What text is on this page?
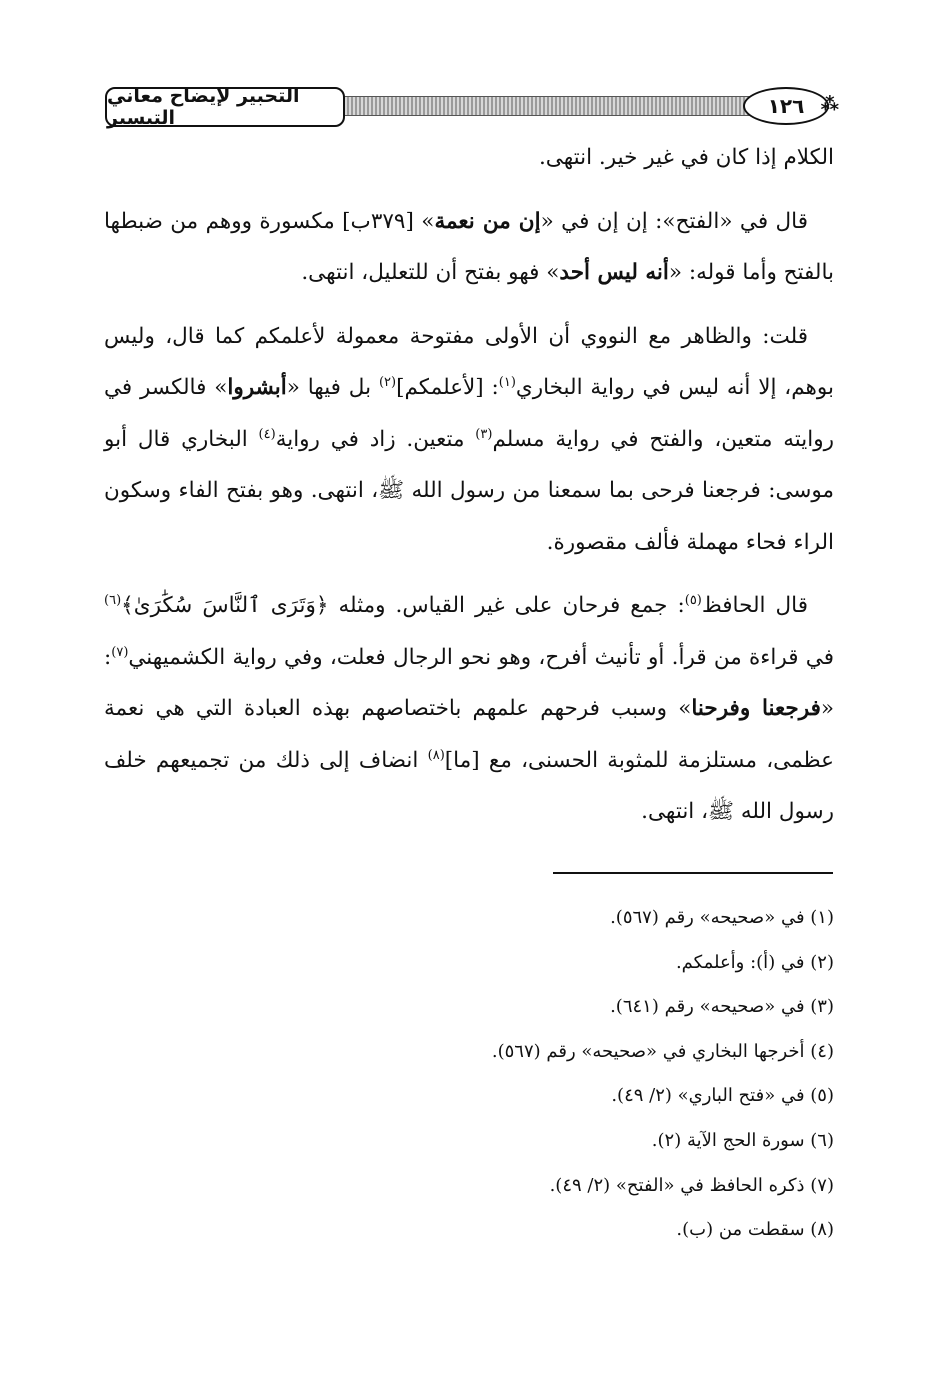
التحبير لإيضاح معاني التيسير	١٢٦ ⁂

الكلام إذا كان في غير خير. انتهى.

قال في «الفتح»: إن إن في «إن من نعمة» [٣٧٩ب] مكسورة ووهم من ضبطها بالفتح وأما قوله: «أنه ليس أحد» فهو بفتح أن للتعليل، انتهى.

قلت: والظاهر مع النووي أن الأولى مفتوحة معمولة لأعلمكم كما قال، وليس بوهم، إلا أنه ليس في رواية البخاري$^{(١)}$: [لأعلمكم]$^{(٢)}$ بل فيها «أبشروا» فالكسر في روايته متعين، والفتح في رواية مسلم$^{(٣)}$ متعين. زاد في رواية$^{(٤)}$ البخاري قال أبو موسى: فرجعنا فرحى بما سمعنا من رسول الله ﷺ، انتهى. وهو بفتح الفاء وسكون الراء فحاء مهملة فألف مقصورة.

قال الحافظ$^{(٥)}$: جمع فرحان على غير القياس. ومثله ﴿وَتَرَى ٱلنَّاسَ سُكَٰرَىٰ﴾$^{(٦)}$ في قراءة من قرأ. أو تأنيث أفرح، وهو نحو الرجال فعلت، وفي رواية الكشميهني$^{(٧)}$: «فرجعنا وفرحنا» وسبب فرحهم علمهم باختصاصهم بهذه العبادة التي هي نعمة عظمى، مستلزمة للمثوبة الحسنى، مع [ما]$^{(٨)}$ انضاف إلى ذلك من تجميعهم خلف رسول الله ﷺ، انتهى.

(١) في «صحيحه» رقم (٥٦٧).
(٢) في (أ): وأعلمكم.
(٣) في «صحيحه» رقم (٦٤١).
(٤) أخرجها البخاري في «صحيحه» رقم (٥٦٧).
(٥) في «فتح الباري» (٢/ ٤٩).
(٦) سورة الحج الآية (٢).
(٧) ذكره الحافظ في «الفتح» (٢/ ٤٩).
(٨) سقطت من (ب).
